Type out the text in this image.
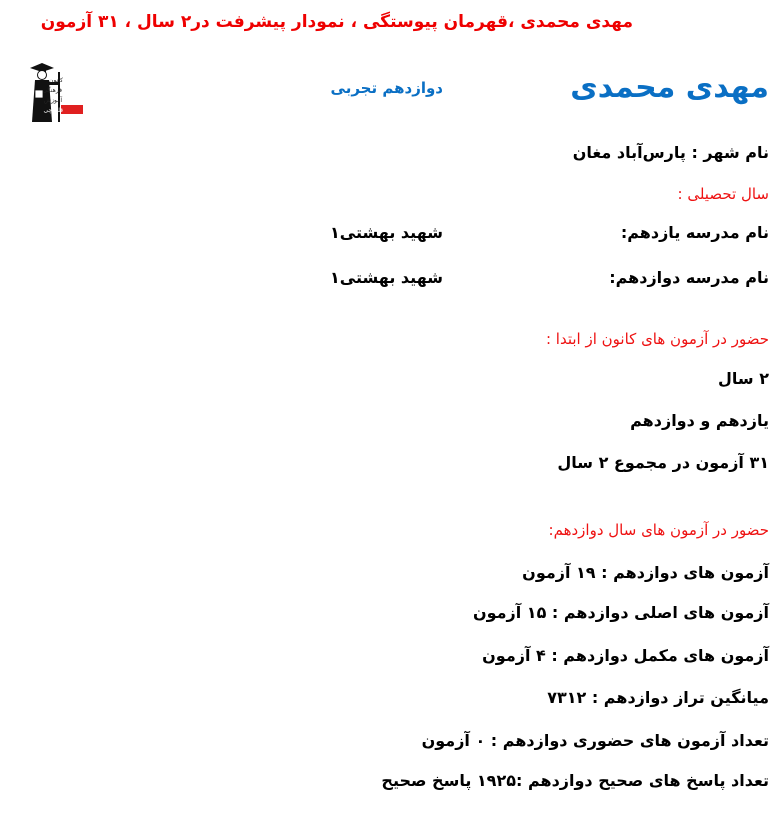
مهدی محمدی ،قهرمان پیوستگی ، نمودار پیشرفت در۲ سال ، ۳۱ آزمون
کانون
فرهنگی
آموزش
قلم چی
مهدی محمدی
دوازدهم تجربی
نام شهر : پارس‌آباد مغان
سال تحصیلی :
نام مدرسه یازدهم:
شهید بهشتی۱
نام مدرسه دوازدهم:
شهید بهشتی۱
حضور در آزمون های کانون از ابتدا :
۲ سال
یازدهم و دوازدهم
۳۱ آزمون در مجموع ۲ سال
حضور در آزمون های سال دوازدهم:
آزمون های دوازدهم : ۱۹ آزمون
آزمون های اصلی دوازدهم : ۱۵ آزمون
آزمون های مکمل دوازدهم : ۴ آزمون
میانگین تراز دوازدهم : ۷۳۱۲
تعداد آزمون های حضوری دوازدهم : ۰ آزمون
تعداد پاسخ های صحیح دوازدهم :۱۹۲۵ پاسخ صحیح
